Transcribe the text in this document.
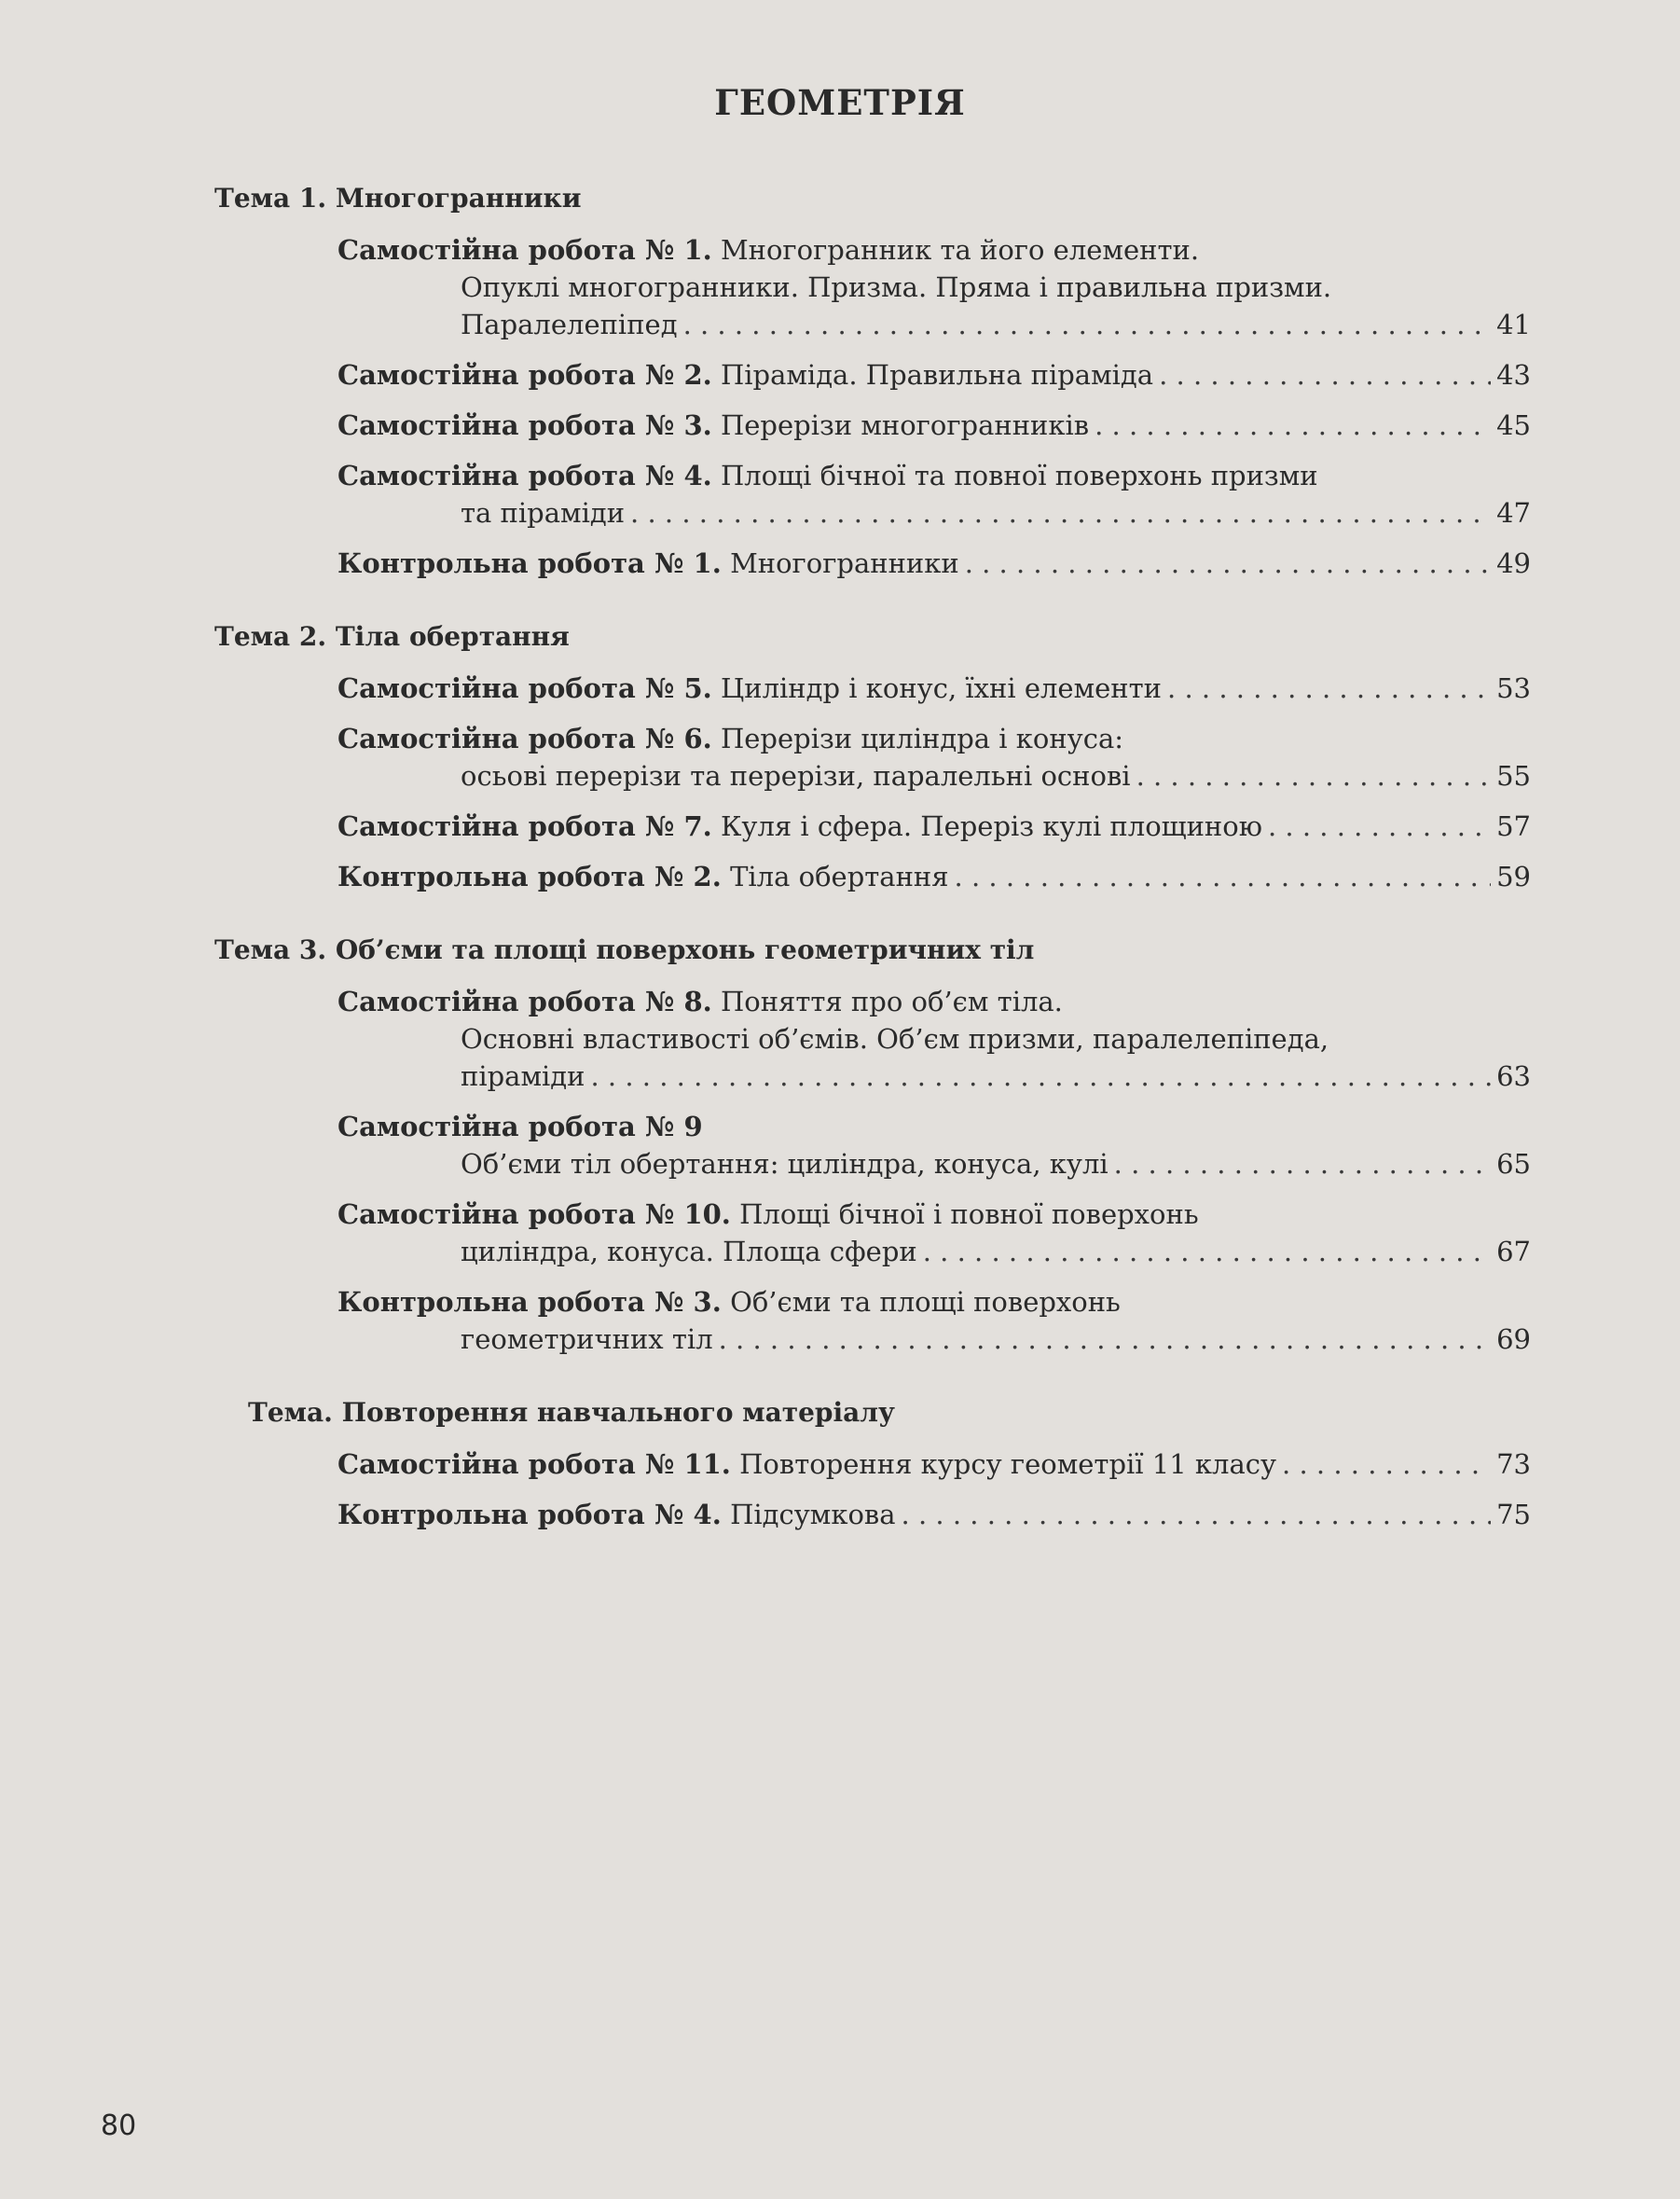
ГЕОМЕТРІЯ
Тема 1. Многогранники
Самостійна робота № 1. Многогранник та його елементи.
Опуклі многогранники. Призма. Пряма і правильна призми.
Паралелепіпед . . .	41
Самостійна робота № 2.
Піраміда. Правильна піраміда . . .	43
Самостійна робота № 3.
Перерізи многогранників . . .	45
Самостійна робота № 4. Площі бічної та повної поверхонь призми
та піраміди . . .	47
Контрольна робота № 1.
Многогранники . . .	49
Тема 2. Тіла обертання
Самостійна робота № 5.
Циліндр і конус, їхні елементи . . .	53
Самостійна робота № 6. Перерізи циліндра і конуса:
осьові перерізи та перерізи, паралельні основі . . .	55
Самостійна робота № 7.
Куля і сфера. Переріз кулі площиною . . .	57
Контрольна робота № 2.
Тіла обертання . . .	59
Тема 3. Об’єми та площі поверхонь геометричних тіл
Самостійна робота № 8. Поняття про об’єм тіла.
Основні властивості об’ємів. Об’єм призми, паралелепіпеда,
піраміди . . .	63
Самостійна робота № 9
Об’єми тіл обертання: циліндра, конуса, кулі . . .	65
Самостійна робота № 10. Площі бічної і повної поверхонь
циліндра, конуса. Площа сфери . . .	67
Контрольна робота № 3. Об’єми та площі поверхонь
геометричних тіл . . .	69
Тема. Повторення навчального матеріалу
Самостійна робота № 11.
Повторення курсу геометрії 11 класу . . .	73
Контрольна робота № 4.
Підсумкова . . .	75
80
